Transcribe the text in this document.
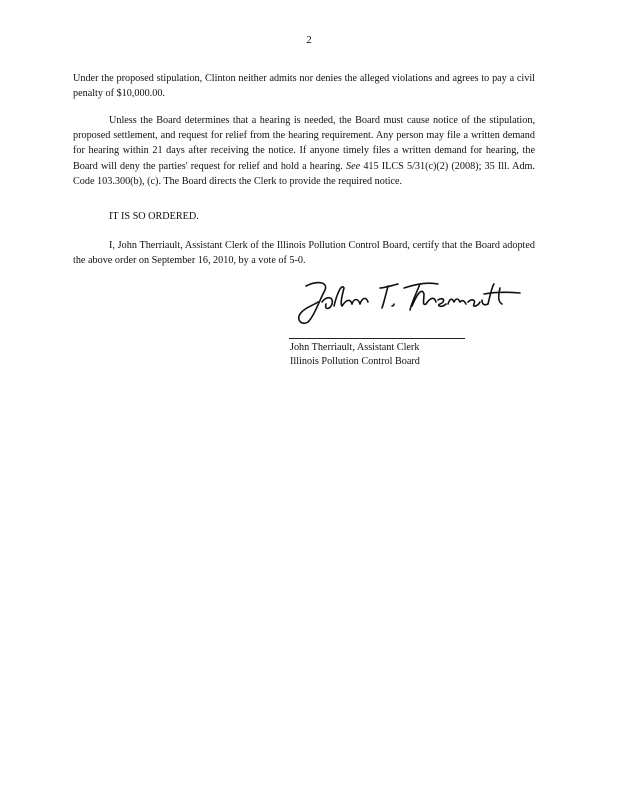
2

Under the proposed stipulation, Clinton neither admits nor denies the alleged violations and agrees to pay a civil penalty of $10,000.00.

Unless the Board determines that a hearing is needed, the Board must cause notice of the stipulation, proposed settlement, and request for relief from the hearing requirement. Any person may file a written demand for hearing within 21 days after receiving the notice. If anyone timely files a written demand for hearing, the Board will deny the parties' request for relief and hold a hearing. See 415 ILCS 5/31(c)(2) (2008); 35 Ill. Adm. Code 103.300(b), (c). The Board directs the Clerk to provide the required notice.

IT IS SO ORDERED.

I, John Therriault, Assistant Clerk of the Illinois Pollution Control Board, certify that the Board adopted the above order on September 16, 2010, by a vote of 5-0.

John Therriault, Assistant Clerk
Illinois Pollution Control Board
